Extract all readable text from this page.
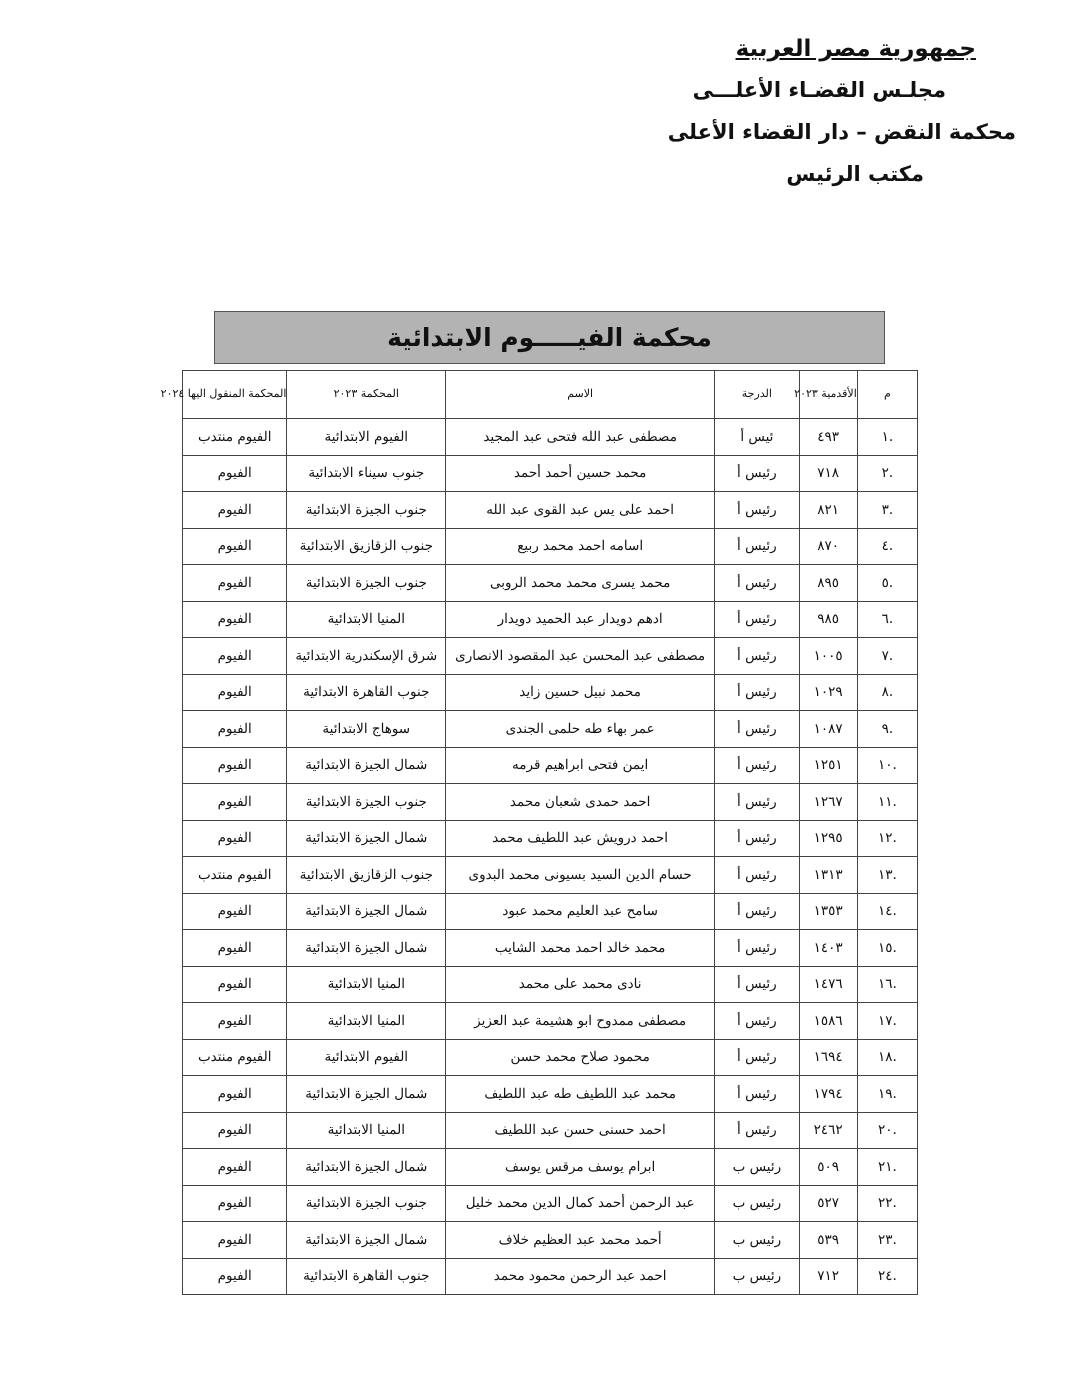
جمهورية مصر العربية
مجلـس القضـاء الأعلـــى
محكمة النقض – دار القضاء الأعلى
مكتب الرئيس
محكمة الفيـــــوم الابتدائية
م	الأقدمية ٢٠٢٣	الدرجة	الاسم	المحكمة ٢٠٢٣	المحكمة المنقول اليها ٢٠٢٤
.١	٤٩٣	ئيس أ	مصطفى عبد الله فتحى عبد المجيد	الفيوم الابتدائية	الفيوم منتدب
.٢	٧١٨	رئيس أ	محمد حسين أحمد أحمد	جنوب سيناء الابتدائية	الفيوم
.٣	٨٢١	رئيس أ	احمد على يس عبد القوى عبد الله	جنوب الجيزة الابتدائية	الفيوم
.٤	٨٧٠	رئيس أ	اسامه احمد محمد ربيع	جنوب الزقازيق الابتدائية	الفيوم
.٥	٨٩٥	رئيس أ	محمد يسرى محمد محمد الروبى	جنوب الجيزة الابتدائية	الفيوم
.٦	٩٨٥	رئيس أ	ادهم دويدار عبد الحميد دويدار	المنيا الابتدائية	الفيوم
.٧	١٠٠٥	رئيس أ	مصطفى عبد المحسن عبد المقصود الانصارى	شرق الإسكندرية الابتدائية	الفيوم
.٨	١٠٢٩	رئيس أ	محمد نبيل حسين زايد	جنوب القاهرة الابتدائية	الفيوم
.٩	١٠٨٧	رئيس أ	عمر بهاء طه حلمى الجندى	سوهاج الابتدائية	الفيوم
.١٠	١٢٥١	رئيس أ	ايمن فتحى ابراهيم قرمه	شمال الجيزة الابتدائية	الفيوم
.١١	١٢٦٧	رئيس أ	احمد حمدى شعبان محمد	جنوب الجيزة الابتدائية	الفيوم
.١٢	١٢٩٥	رئيس أ	احمد درويش عبد اللطيف محمد	شمال الجيزة الابتدائية	الفيوم
.١٣	١٣١٣	رئيس أ	حسام الدين السيد بسيونى محمد البدوى	جنوب الزقازيق الابتدائية	الفيوم منتدب
.١٤	١٣٥٣	رئيس أ	سامح عبد العليم محمد عبود	شمال الجيزة الابتدائية	الفيوم
.١٥	١٤٠٣	رئيس أ	محمد خالد احمد محمد الشايب	شمال الجيزة الابتدائية	الفيوم
.١٦	١٤٧٦	رئيس أ	نادى محمد على محمد	المنيا الابتدائية	الفيوم
.١٧	١٥٨٦	رئيس أ	مصطفى ممدوح ابو هشيمة عبد العزيز	المنيا الابتدائية	الفيوم
.١٨	١٦٩٤	رئيس أ	محمود صلاح محمد حسن	الفيوم الابتدائية	الفيوم منتدب
.١٩	١٧٩٤	رئيس أ	محمد عبد اللطيف طه عبد اللطيف	شمال الجيزة الابتدائية	الفيوم
.٢٠	٢٤٦٢	رئيس أ	احمد حسنى حسن عبد اللطيف	المنيا الابتدائية	الفيوم
.٢١	٥٠٩	رئيس ب	ابرام يوسف مرقس يوسف	شمال الجيزة الابتدائية	الفيوم
.٢٢	٥٢٧	رئيس ب	عبد الرحمن أحمد كمال الدين محمد خليل	جنوب الجيزة الابتدائية	الفيوم
.٢٣	٥٣٩	رئيس ب	أحمد محمد عبد العظيم خلاف	شمال الجيزة الابتدائية	الفيوم
.٢٤	٧١٢	رئيس ب	احمد عبد الرحمن محمود محمد	جنوب القاهرة الابتدائية	الفيوم
